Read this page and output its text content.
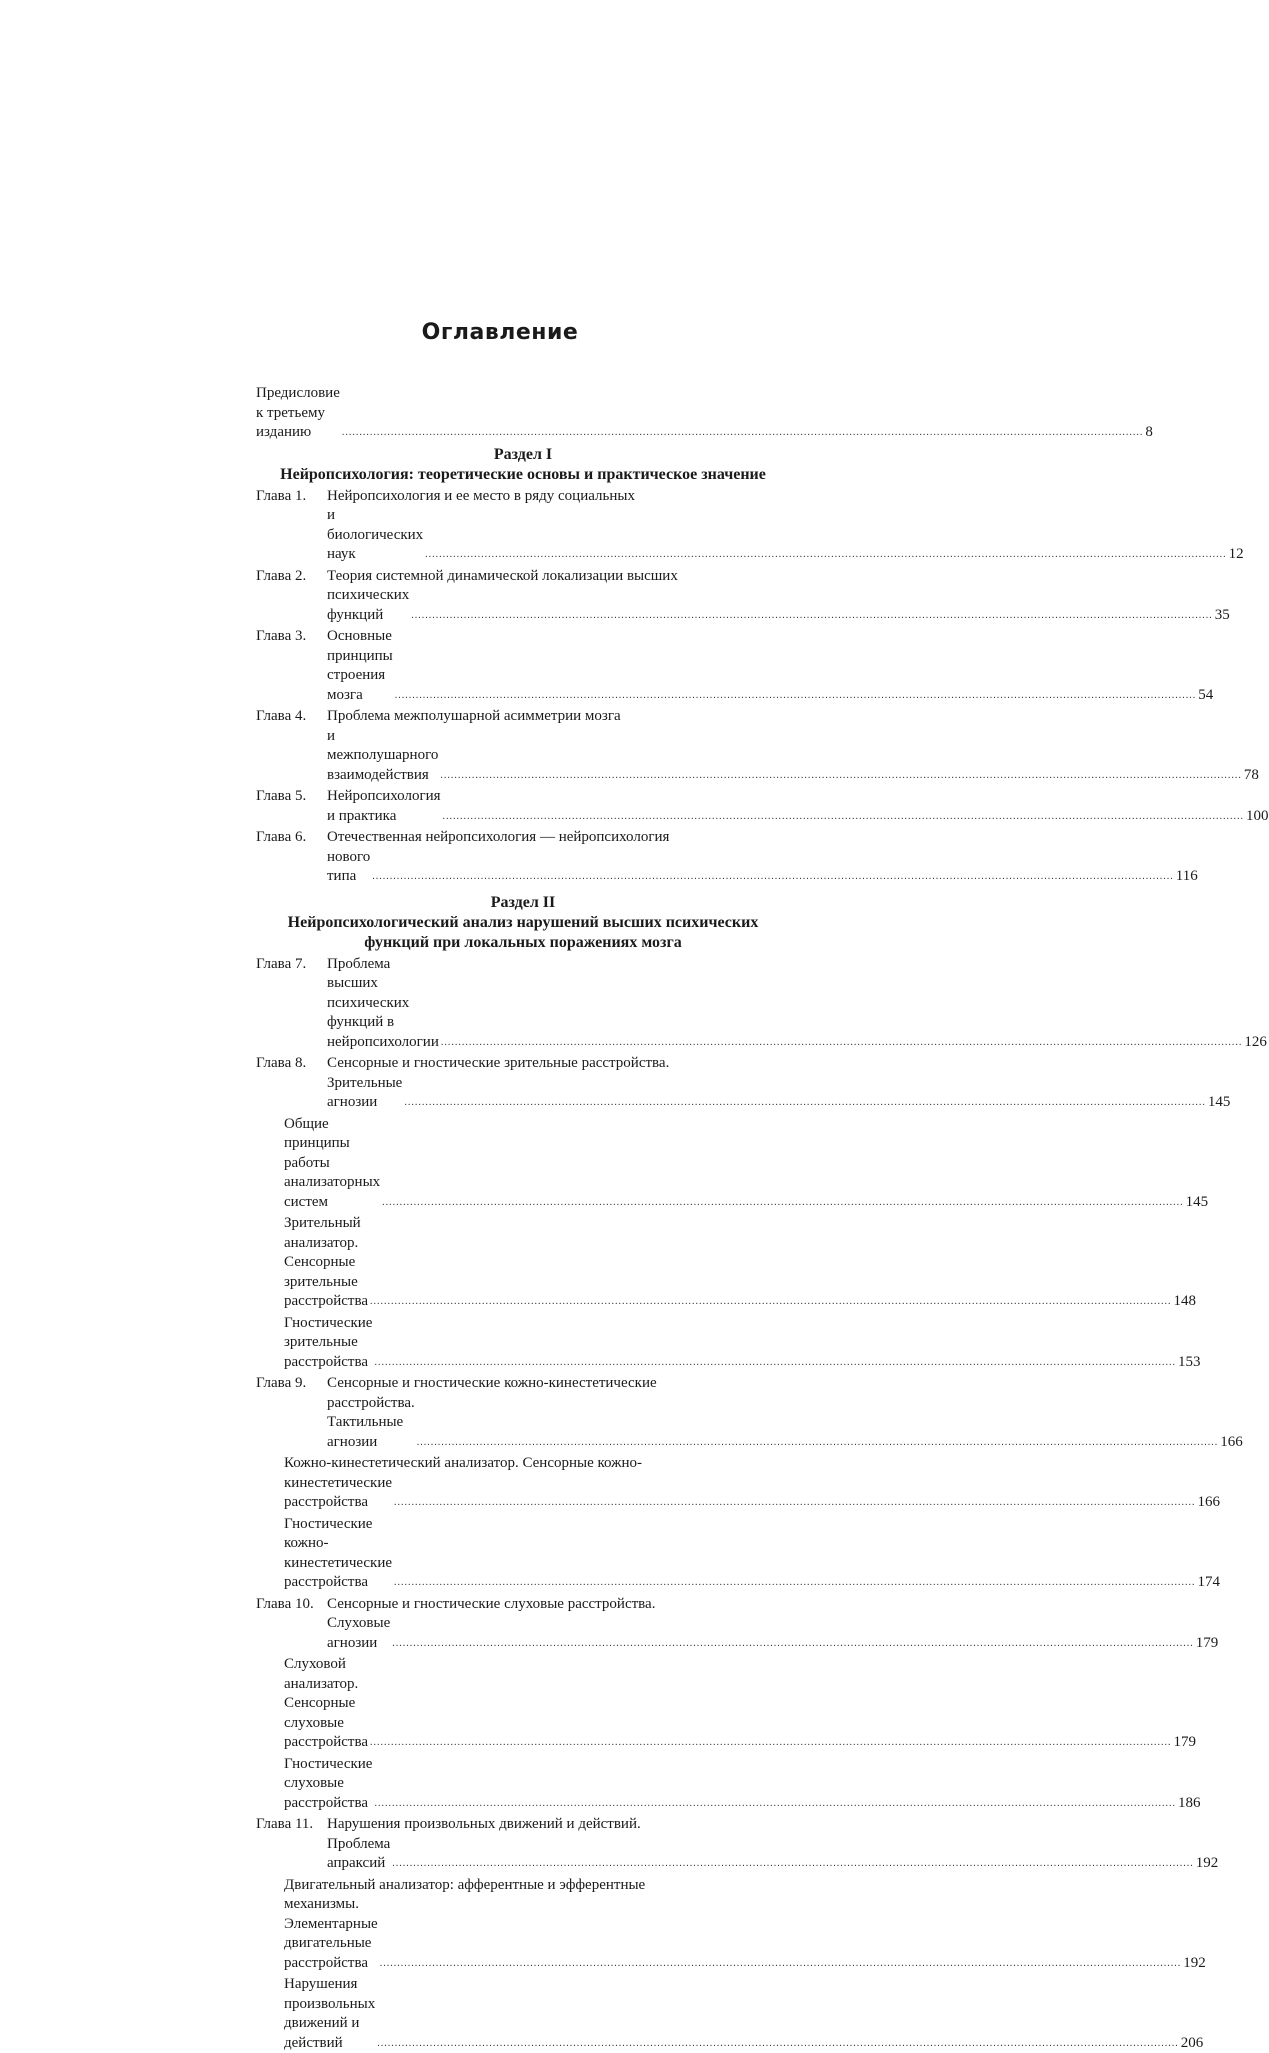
Оглавление
Предисловие к третьему изданию .....	8
Раздел I
Нейропсихология: теоретические основы и практическое значение
Глава 1.	Нейропсихология и ее место в ряду социальных
и биологических наук .....	12
Глава 2.	Теория системной динамической локализации высших
психических функций .....	35
Глава 3.	Основные принципы строения мозга .....	54
Глава 4.	Проблема межполушарной асимметрии мозга
и межполушарного взаимодействия .....	78
Глава 5.	Нейропсихология и практика .....	100
Глава 6.	Отечественная нейропсихология — нейропсихология
нового типа .....	116
Раздел II
Нейропсихологический анализ нарушений высших психических
функций при локальных поражениях мозга
Глава 7.	Проблема высших психических функций в нейропсихологии .....	126
Глава 8.	Сенсорные и гностические зрительные расстройства.
Зрительные агнозии .....	145
Общие принципы работы анализаторных систем .....	145
Зрительный анализатор. Сенсорные зрительные расстройства .....	148
Гностические зрительные расстройства .....	153
Глава 9.	Сенсорные и гностические кожно-кинестетические
расстройства. Тактильные агнозии .....	166
Кожно-кинестетический анализатор. Сенсорные кожно-
кинестетические расстройства .....	166
Гностические кожно-кинестетические расстройства .....	174
Глава 10. Сенсорные и гностические слуховые расстройства.
Слуховые агнозии .....	179
Слуховой анализатор. Сенсорные слуховые расстройства .....	179
Гностические слуховые расстройства .....	186
Глава 11. Нарушения произвольных движений и действий.
Проблема апраксий .....	192
Двигательный анализатор: афферентные и эфферентные
механизмы. Элементарные двигательные расстройства .....	192
Нарушения произвольных движений и действий .....	206
